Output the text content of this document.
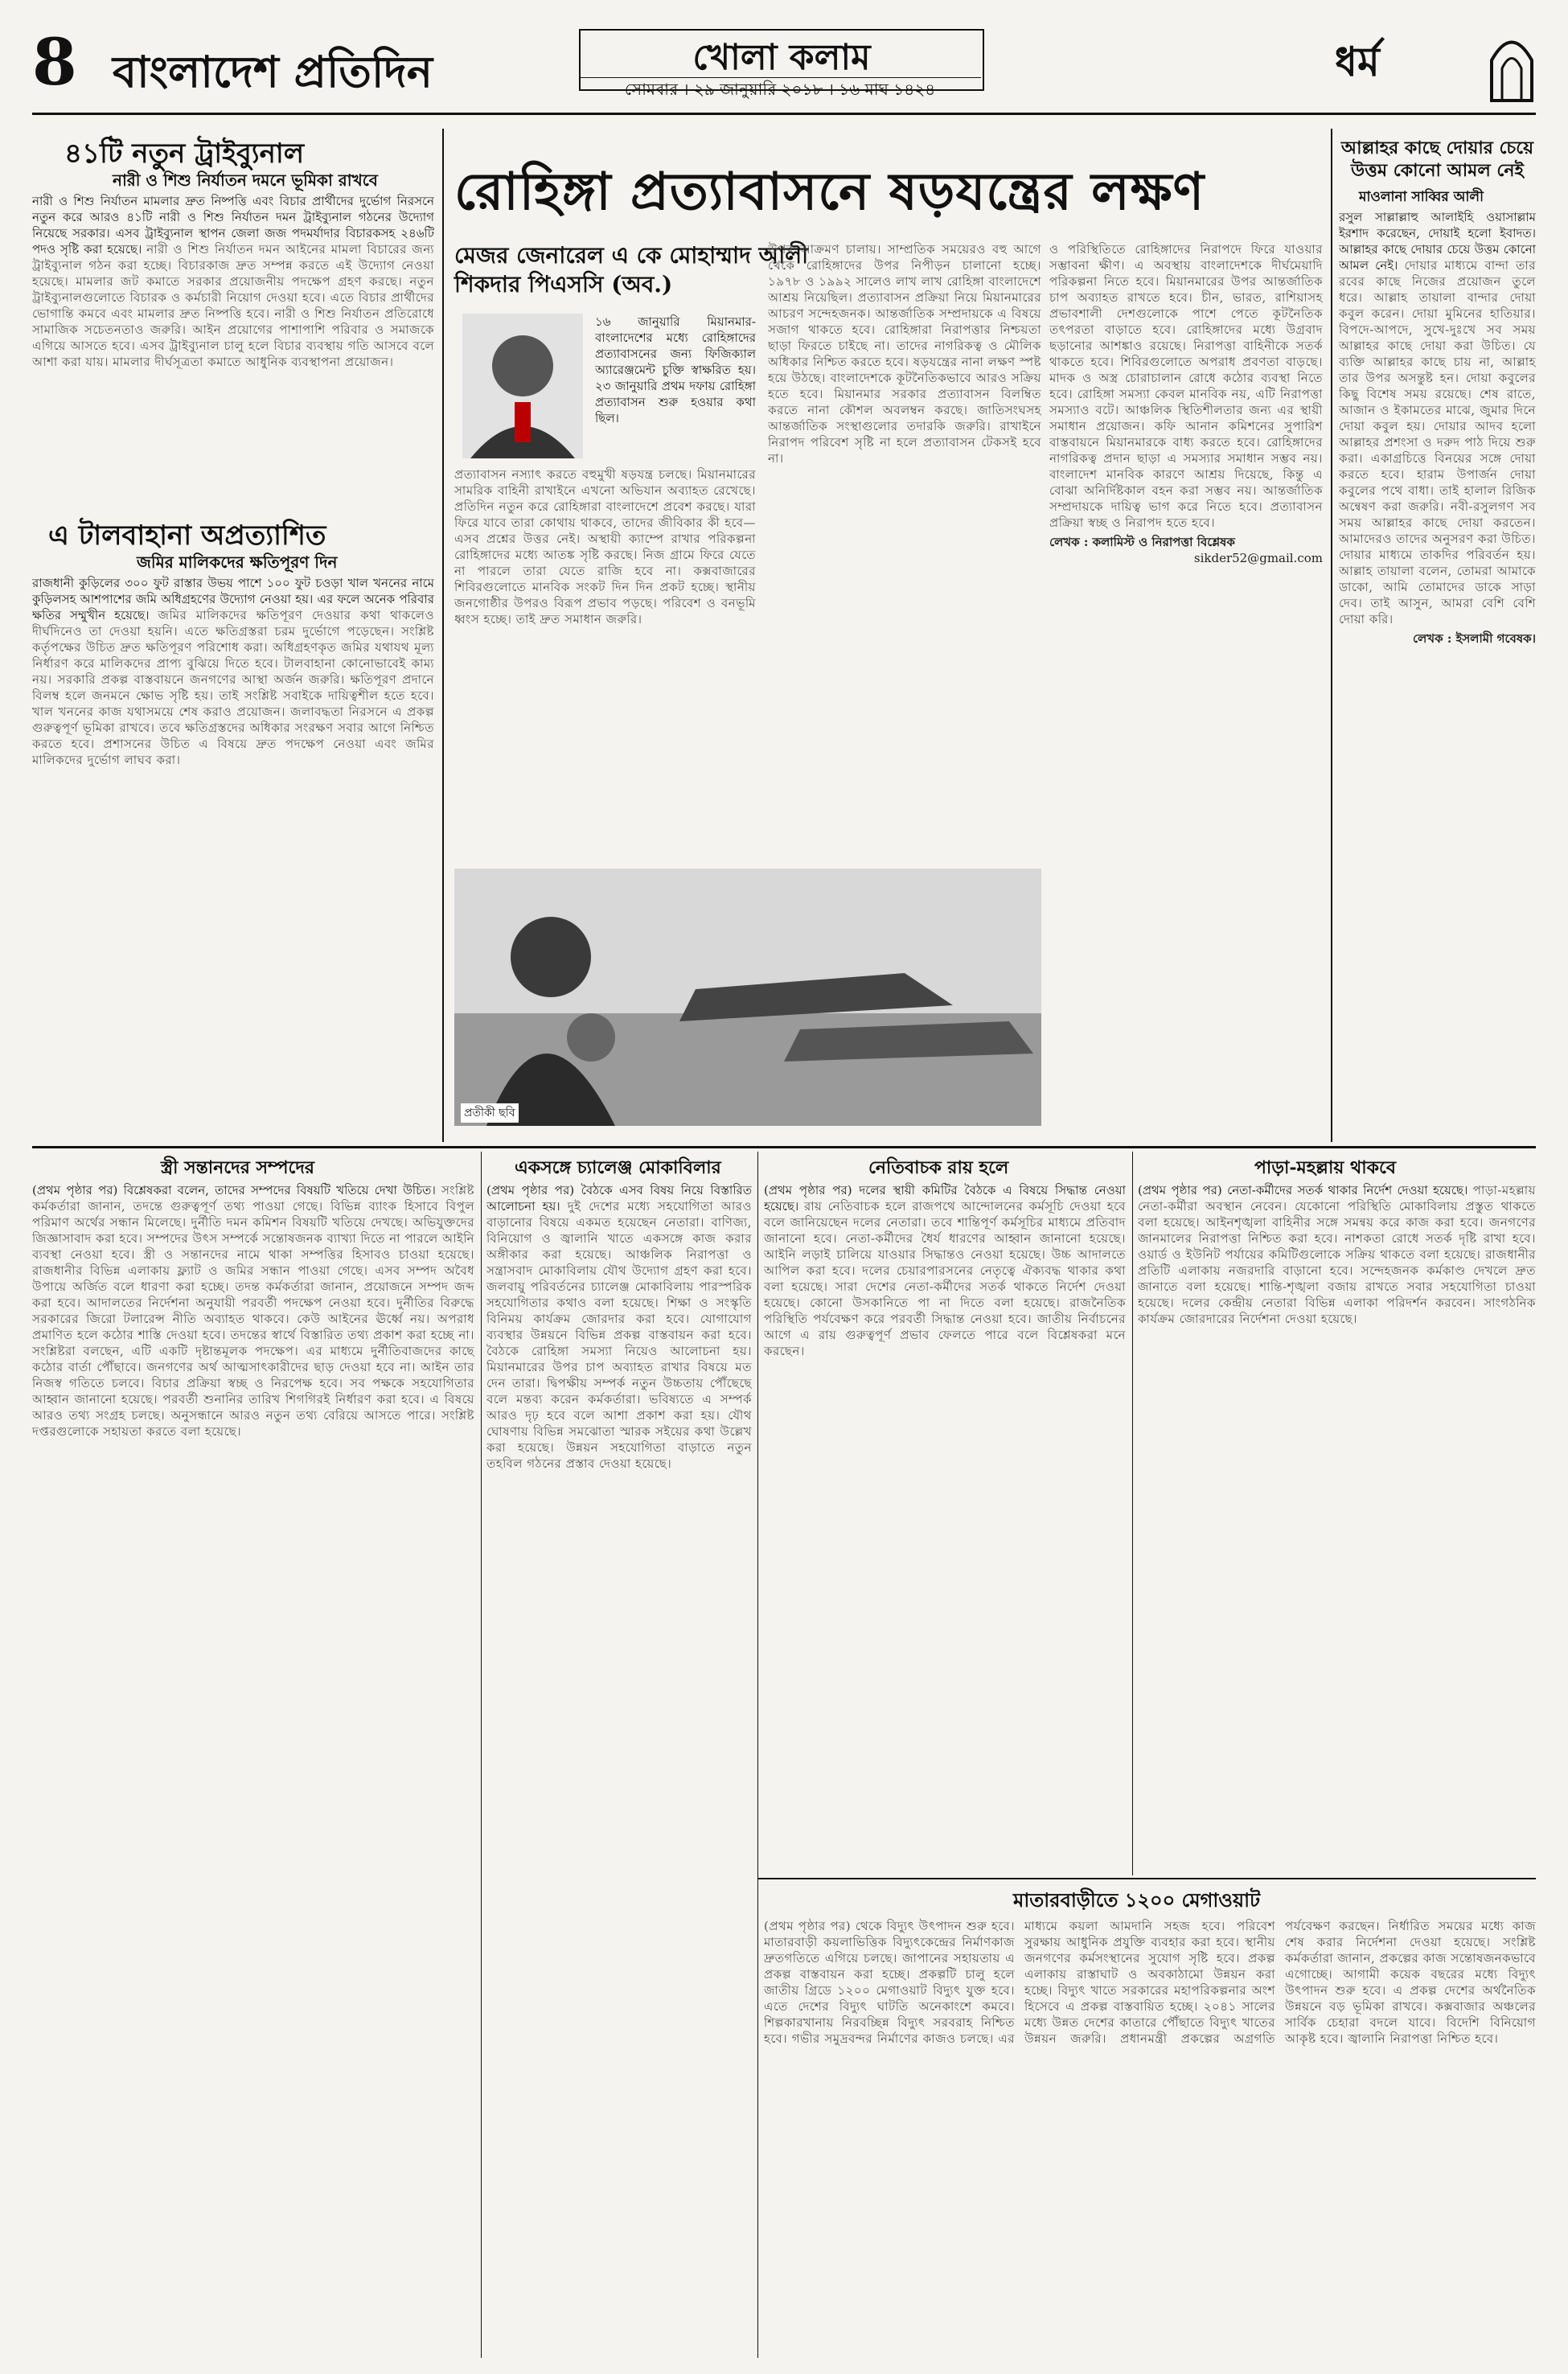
8 বাংলাদেশ প্রতিদিন	খোলা কলাম
সোমবার । ২৯ জানুয়ারি ২০১৮ । ১৬ মাঘ ১৪২৪
ধর্ম
৪১টি নতুন ট্রাইব্যুনাল
নারী ও শিশু নির্যাতন দমনে ভূমিকা রাখবে
নারী ও শিশু নির্যাতন মামলার দ্রুত নিষ্পত্তি এবং বিচার প্রার্থীদের দুর্ভোগ নিরসনে নতুন করে আরও ৪১টি নারী ও শিশু নির্যাতন দমন ট্রাইব্যুনাল গঠনের উদ্যোগ নিয়েছে সরকার। এসব ট্রাইব্যুনাল স্থাপন জেলা জজ পদমর্যাদার বিচারকসহ ২৪৬টি পদও সৃষ্টি করা হয়েছে। নারী ও শিশু নির্যাতন দমন আইনের মামলা বিচারের জন্য ট্রাইব্যুনাল গঠন করা হচ্ছে। বিচারকাজ দ্রুত সম্পন্ন করতে এই উদ্যোগ নেওয়া হয়েছে। মামলার জট কমাতে সরকার প্রয়োজনীয় পদক্ষেপ গ্রহণ করছে। নতুন ট্রাইব্যুনালগুলোতে বিচারক ও কর্মচারী নিয়োগ দেওয়া হবে। এতে বিচার প্রার্থীদের ভোগান্তি কমবে এবং মামলার দ্রুত নিষ্পত্তি হবে। নারী ও শিশু নির্যাতন প্রতিরোধে সামাজিক সচেতনতাও জরুরি। আইন প্রয়োগের পাশাপাশি পরিবার ও সমাজকে এগিয়ে আসতে হবে। এসব ট্রাইব্যুনাল চালু হলে বিচার ব্যবস্থায় গতি আসবে বলে আশা করা যায়। মামলার দীর্ঘসূত্রতা কমাতে আধুনিক ব্যবস্থাপনা প্রয়োজন।
এ টালবাহানা অপ্রত্যাশিত
জমির মালিকদের ক্ষতিপূরণ দিন
রাজধানী কুড়িলের ৩০০ ফুট রাস্তার উভয় পাশে ১০০ ফুট চওড়া খাল খননের নামে কুড়িলসহ আশপাশের জমি অধিগ্রহণের উদ্যোগ নেওয়া হয়। এর ফলে অনেক পরিবার ক্ষতির সম্মুখীন হয়েছে। জমির মালিকদের ক্ষতিপূরণ দেওয়ার কথা থাকলেও দীর্ঘদিনেও তা দেওয়া হয়নি। এতে ক্ষতিগ্রস্তরা চরম দুর্ভোগে পড়েছেন। সংশ্লিষ্ট কর্তৃপক্ষের উচিত দ্রুত ক্ষতিপূরণ পরিশোধ করা। অধিগ্রহণকৃত জমির যথাযথ মূল্য নির্ধারণ করে মালিকদের প্রাপ্য বুঝিয়ে দিতে হবে। টালবাহানা কোনোভাবেই কাম্য নয়। সরকারি প্রকল্প বাস্তবায়নে জনগণের আস্থা অর্জন জরুরি। ক্ষতিপূরণ প্রদানে বিলম্ব হলে জনমনে ক্ষোভ সৃষ্টি হয়। তাই সংশ্লিষ্ট সবাইকে দায়িত্বশীল হতে হবে। খাল খননের কাজ যথাসময়ে শেষ করাও প্রয়োজন। জলাবদ্ধতা নিরসনে এ প্রকল্প গুরুত্বপূর্ণ ভূমিকা রাখবে। তবে ক্ষতিগ্রস্তদের অধিকার সংরক্ষণ সবার আগে নিশ্চিত করতে হবে। প্রশাসনের উচিত এ বিষয়ে দ্রুত পদক্ষেপ নেওয়া এবং জমির মালিকদের দুর্ভোগ লাঘব করা।
রোহিঙ্গা প্রত্যাবাসনে ষড়যন্ত্রের লক্ষণ
মেজর জেনারেল এ কে মোহাম্মাদ আলী শিকদার পিএসসি (অব.)
১৬ জানুয়ারি মিয়ানমার-বাংলাদেশের মধ্যে রোহিঙ্গাদের প্রত্যাবাসনের জন্য ফিজিক্যাল অ্যারেঞ্জমেন্ট চুক্তি স্বাক্ষরিত হয়। ২৩ জানুয়ারি প্রথম দফায় রোহিঙ্গা প্রত্যাবাসন শুরু হওয়ার কথা ছিল।
উপর আক্রমণ চালায়। সাম্প্রতিক সময়েরও বহু আগে থেকে রোহিঙ্গাদের উপর নিপীড়ন চালানো হচ্ছে। ১৯৭৮ ও ১৯৯২ সালেও লাখ লাখ রোহিঙ্গা বাংলাদেশে আশ্রয় নিয়েছিল। প্রত্যাবাসন প্রক্রিয়া নিয়ে মিয়ানমারের আচরণ সন্দেহজনক। আন্তর্জাতিক সম্প্রদায়কে এ বিষয়ে সজাগ থাকতে হবে। রোহিঙ্গারা নিরাপত্তার নিশ্চয়তা ছাড়া ফিরতে চাইছে না। তাদের নাগরিকত্ব ও মৌলিক অধিকার নিশ্চিত করতে হবে। ষড়যন্ত্রের নানা লক্ষণ স্পষ্ট হয়ে উঠছে। বাংলাদেশকে কূটনৈতিকভাবে আরও সক্রিয় হতে হবে। মিয়ানমার সরকার প্রত্যাবাসন বিলম্বিত করতে নানা কৌশল অবলম্বন করছে। জাতিসংঘসহ আন্তর্জাতিক সংস্থাগুলোর তদারকি জরুরি। রাখাইনে নিরাপদ পরিবেশ সৃষ্টি না হলে প্রত্যাবাসন টেকসই হবে না।
প্রত্যাবাসন নস্যাৎ করতে বহুমুখী ষড়যন্ত্র চলছে। মিয়ানমারের সামরিক বাহিনী রাখাইনে এখনো অভিযান অব্যাহত রেখেছে। প্রতিদিন নতুন করে রোহিঙ্গারা বাংলাদেশে প্রবেশ করছে। যারা ফিরে যাবে তারা কোথায় থাকবে, তাদের জীবিকার কী হবে—এসব প্রশ্নের উত্তর নেই। অস্থায়ী ক্যাম্পে রাখার পরিকল্পনা রোহিঙ্গাদের মধ্যে আতঙ্ক সৃষ্টি করছে। নিজ গ্রামে ফিরে যেতে না পারলে তারা যেতে রাজি হবে না। কক্সবাজারের শিবিরগুলোতে মানবিক সংকট দিন দিন প্রকট হচ্ছে। স্থানীয় জনগোষ্ঠীর উপরও বিরূপ প্রভাব পড়ছে। পরিবেশ ও বনভূমি ধ্বংস হচ্ছে। তাই দ্রুত সমাধান জরুরি।
প্রতীকী ছবি
ও পরিস্থিতিতে রোহিঙ্গাদের নিরাপদে ফিরে যাওয়ার সম্ভাবনা ক্ষীণ। এ অবস্থায় বাংলাদেশকে দীর্ঘমেয়াদি পরিকল্পনা নিতে হবে। মিয়ানমারের উপর আন্তর্জাতিক চাপ অব্যাহত রাখতে হবে। চীন, ভারত, রাশিয়াসহ প্রভাবশালী দেশগুলোকে পাশে পেতে কূটনৈতিক তৎপরতা বাড়াতে হবে। রোহিঙ্গাদের মধ্যে উগ্রবাদ ছড়ানোর আশঙ্কাও রয়েছে। নিরাপত্তা বাহিনীকে সতর্ক থাকতে হবে। শিবিরগুলোতে অপরাধ প্রবণতা বাড়ছে। মাদক ও অস্ত্র চোরাচালান রোধে কঠোর ব্যবস্থা নিতে হবে। রোহিঙ্গা সমস্যা কেবল মানবিক নয়, এটি নিরাপত্তা সমস্যাও বটে। আঞ্চলিক স্থিতিশীলতার জন্য এর স্থায়ী সমাধান প্রয়োজন। কফি আনান কমিশনের সুপারিশ বাস্তবায়নে মিয়ানমারকে বাধ্য করতে হবে। রোহিঙ্গাদের নাগরিকত্ব প্রদান ছাড়া এ সমস্যার সমাধান সম্ভব নয়। বাংলাদেশ মানবিক কারণে আশ্রয় দিয়েছে, কিন্তু এ বোঝা অনির্দিষ্টকাল বহন করা সম্ভব নয়। আন্তর্জাতিক সম্প্রদায়কে দায়িত্ব ভাগ করে নিতে হবে। প্রত্যাবাসন প্রক্রিয়া স্বচ্ছ ও নিরাপদ হতে হবে।
লেখক : কলামিস্ট ও নিরাপত্তা বিশ্লেষক
sikder52@gmail.com
আল্লাহর কাছে দোয়ার চেয়ে উত্তম কোনো আমল নেই
মাওলানা সাব্বির আলী
রসুল সাল্লাল্লাহু আলাইহি ওয়াসাল্লাম ইরশাদ করেছেন, দোয়াই হলো ইবাদত। আল্লাহর কাছে দোয়ার চেয়ে উত্তম কোনো আমল নেই। দোয়ার মাধ্যমে বান্দা তার রবের কাছে নিজের প্রয়োজন তুলে ধরে। আল্লাহ তায়ালা বান্দার দোয়া কবুল করেন। দোয়া মুমিনের হাতিয়ার। বিপদে-আপদে, সুখে-দুঃখে সব সময় আল্লাহর কাছে দোয়া করা উচিত। যে ব্যক্তি আল্লাহর কাছে চায় না, আল্লাহ তার উপর অসন্তুষ্ট হন। দোয়া কবুলের কিছু বিশেষ সময় রয়েছে। শেষ রাতে, আজান ও ইকামতের মাঝে, জুমার দিনে দোয়া কবুল হয়। দোয়ার আদব হলো আল্লাহর প্রশংসা ও দরুদ পাঠ দিয়ে শুরু করা। একাগ্রচিত্তে বিনয়ের সঙ্গে দোয়া করতে হবে। হারাম উপার্জন দোয়া কবুলের পথে বাধা। তাই হালাল রিজিক অন্বেষণ করা জরুরি। নবী-রসুলগণ সব সময় আল্লাহর কাছে দোয়া করতেন। আমাদেরও তাদের অনুসরণ করা উচিত। দোয়ার মাধ্যমে তাকদির পরিবর্তন হয়। আল্লাহ তায়ালা বলেন, তোমরা আমাকে ডাকো, আমি তোমাদের ডাকে সাড়া দেব। তাই আসুন, আমরা বেশি বেশি দোয়া করি।
লেখক : ইসলামী গবেষক।
স্ত্রী সন্তানদের সম্পদের
(প্রথম পৃষ্ঠার পর) বিশ্লেষকরা বলেন, তাদের সম্পদের বিষয়টি খতিয়ে দেখা উচিত। সংশ্লিষ্ট কর্মকর্তারা জানান, তদন্তে গুরুত্বপূর্ণ তথ্য পাওয়া গেছে। বিভিন্ন ব্যাংক হিসাবে বিপুল পরিমাণ অর্থের সন্ধান মিলেছে। দুর্নীতি দমন কমিশন বিষয়টি খতিয়ে দেখছে। অভিযুক্তদের জিজ্ঞাসাবাদ করা হবে। সম্পদের উৎস সম্পর্কে সন্তোষজনক ব্যাখ্যা দিতে না পারলে আইনি ব্যবস্থা নেওয়া হবে। স্ত্রী ও সন্তানদের নামে থাকা সম্পত্তির হিসাবও চাওয়া হয়েছে। রাজধানীর বিভিন্ন এলাকায় ফ্ল্যাট ও জমির সন্ধান পাওয়া গেছে। এসব সম্পদ অবৈধ উপায়ে অর্জিত বলে ধারণা করা হচ্ছে। তদন্ত কর্মকর্তারা জানান, প্রয়োজনে সম্পদ জব্দ করা হবে। আদালতের নির্দেশনা অনুযায়ী পরবর্তী পদক্ষেপ নেওয়া হবে। দুর্নীতির বিরুদ্ধে সরকারের জিরো টলারেন্স নীতি অব্যাহত থাকবে। কেউ আইনের ঊর্ধ্বে নয়। অপরাধ প্রমাণিত হলে কঠোর শাস্তি দেওয়া হবে। তদন্তের স্বার্থে বিস্তারিত তথ্য প্রকাশ করা হচ্ছে না। সংশ্লিষ্টরা বলছেন, এটি একটি দৃষ্টান্তমূলক পদক্ষেপ। এর মাধ্যমে দুর্নীতিবাজদের কাছে কঠোর বার্তা পৌঁছাবে। জনগণের অর্থ আত্মসাৎকারীদের ছাড় দেওয়া হবে না। আইন তার নিজস্ব গতিতে চলবে। বিচার প্রক্রিয়া স্বচ্ছ ও নিরপেক্ষ হবে। সব পক্ষকে সহযোগিতার আহ্বান জানানো হয়েছে। পরবর্তী শুনানির তারিখ শিগগিরই নির্ধারণ করা হবে। এ বিষয়ে আরও তথ্য সংগ্রহ চলছে। অনুসন্ধানে আরও নতুন তথ্য বেরিয়ে আসতে পারে। সংশ্লিষ্ট দপ্তরগুলোকে সহায়তা করতে বলা হয়েছে।
একসঙ্গে চ্যালেঞ্জ মোকাবিলার
(প্রথম পৃষ্ঠার পর) বৈঠকে এসব বিষয় নিয়ে বিস্তারিত আলোচনা হয়। দুই দেশের মধ্যে সহযোগিতা আরও বাড়ানোর বিষয়ে একমত হয়েছেন নেতারা। বাণিজ্য, বিনিয়োগ ও জ্বালানি খাতে একসঙ্গে কাজ করার অঙ্গীকার করা হয়েছে। আঞ্চলিক নিরাপত্তা ও সন্ত্রাসবাদ মোকাবিলায় যৌথ উদ্যোগ গ্রহণ করা হবে। জলবায়ু পরিবর্তনের চ্যালেঞ্জ মোকাবিলায় পারস্পরিক সহযোগিতার কথাও বলা হয়েছে। শিক্ষা ও সংস্কৃতি বিনিময় কার্যক্রম জোরদার করা হবে। যোগাযোগ ব্যবস্থার উন্নয়নে বিভিন্ন প্রকল্প বাস্তবায়ন করা হবে। বৈঠকে রোহিঙ্গা সমস্যা নিয়েও আলোচনা হয়। মিয়ানমারের উপর চাপ অব্যাহত রাখার বিষয়ে মত দেন তারা। দ্বিপক্ষীয় সম্পর্ক নতুন উচ্চতায় পৌঁছেছে বলে মন্তব্য করেন কর্মকর্তারা। ভবিষ্যতে এ সম্পর্ক আরও দৃঢ় হবে বলে আশা প্রকাশ করা হয়। যৌথ ঘোষণায় বিভিন্ন সমঝোতা স্মারক সইয়ের কথা উল্লেখ করা হয়েছে। উন্নয়ন সহযোগিতা বাড়াতে নতুন তহবিল গঠনের প্রস্তাব দেওয়া হয়েছে।
নেতিবাচক রায় হলে
(প্রথম পৃষ্ঠার পর) দলের স্থায়ী কমিটির বৈঠকে এ বিষয়ে সিদ্ধান্ত নেওয়া হয়েছে। রায় নেতিবাচক হলে রাজপথে আন্দোলনের কর্মসূচি দেওয়া হবে বলে জানিয়েছেন দলের নেতারা। তবে শান্তিপূর্ণ কর্মসূচির মাধ্যমে প্রতিবাদ জানানো হবে। নেতা-কর্মীদের ধৈর্য ধারণের আহ্বান জানানো হয়েছে। আইনি লড়াই চালিয়ে যাওয়ার সিদ্ধান্তও নেওয়া হয়েছে। উচ্চ আদালতে আপিল করা হবে। দলের চেয়ারপারসনের নেতৃত্বে ঐক্যবদ্ধ থাকার কথা বলা হয়েছে। সারা দেশের নেতা-কর্মীদের সতর্ক থাকতে নির্দেশ দেওয়া হয়েছে। কোনো উসকানিতে পা না দিতে বলা হয়েছে। রাজনৈতিক পরিস্থিতি পর্যবেক্ষণ করে পরবর্তী সিদ্ধান্ত নেওয়া হবে। জাতীয় নির্বাচনের আগে এ রায় গুরুত্বপূর্ণ প্রভাব ফেলতে পারে বলে বিশ্লেষকরা মনে করছেন।
পাড়া-মহল্লায় থাকবে
(প্রথম পৃষ্ঠার পর) নেতা-কর্মীদের সতর্ক থাকার নির্দেশ দেওয়া হয়েছে। পাড়া-মহল্লায় নেতা-কর্মীরা অবস্থান নেবেন। যেকোনো পরিস্থিতি মোকাবিলায় প্রস্তুত থাকতে বলা হয়েছে। আইনশৃঙ্খলা বাহিনীর সঙ্গে সমন্বয় করে কাজ করা হবে। জনগণের জানমালের নিরাপত্তা নিশ্চিত করা হবে। নাশকতা রোধে সতর্ক দৃষ্টি রাখা হবে। ওয়ার্ড ও ইউনিট পর্যায়ের কমিটিগুলোকে সক্রিয় থাকতে বলা হয়েছে। রাজধানীর প্রতিটি এলাকায় নজরদারি বাড়ানো হবে। সন্দেহজনক কর্মকাণ্ড দেখলে দ্রুত জানাতে বলা হয়েছে। শান্তি-শৃঙ্খলা বজায় রাখতে সবার সহযোগিতা চাওয়া হয়েছে। দলের কেন্দ্রীয় নেতারা বিভিন্ন এলাকা পরিদর্শন করবেন। সাংগঠনিক কার্যক্রম জোরদারের নির্দেশনা দেওয়া হয়েছে।
মাতারবাড়ীতে ১২০০ মেগাওয়াট
(প্রথম পৃষ্ঠার পর) থেকে বিদ্যুৎ উৎপাদন শুরু হবে। মাতারবাড়ী কয়লাভিত্তিক বিদ্যুৎকেন্দ্রের নির্মাণকাজ দ্রুতগতিতে এগিয়ে চলছে। জাপানের সহায়তায় এ প্রকল্প বাস্তবায়ন করা হচ্ছে। প্রকল্পটি চালু হলে জাতীয় গ্রিডে ১২০০ মেগাওয়াট বিদ্যুৎ যুক্ত হবে। এতে দেশের বিদ্যুৎ ঘাটতি অনেকাংশে কমবে। শিল্পকারখানায় নিরবচ্ছিন্ন বিদ্যুৎ সরবরাহ নিশ্চিত হবে। গভীর সমুদ্রবন্দর নির্মাণের কাজও চলছে। এর মাধ্যমে কয়লা আমদানি সহজ হবে। পরিবেশ সুরক্ষায় আধুনিক প্রযুক্তি ব্যবহার করা হবে। স্থানীয় জনগণের কর্মসংস্থানের সুযোগ সৃষ্টি হবে। প্রকল্প এলাকায় রাস্তাঘাট ও অবকাঠামো উন্নয়ন করা হচ্ছে। বিদ্যুৎ খাতে সরকারের মহাপরিকল্পনার অংশ হিসেবে এ প্রকল্প বাস্তবায়িত হচ্ছে। ২০৪১ সালের মধ্যে উন্নত দেশের কাতারে পৌঁছাতে বিদ্যুৎ খাতের উন্নয়ন জরুরি। প্রধানমন্ত্রী প্রকল্পের অগ্রগতি পর্যবেক্ষণ করছেন। নির্ধারিত সময়ের মধ্যে কাজ শেষ করার নির্দেশনা দেওয়া হয়েছে। সংশ্লিষ্ট কর্মকর্তারা জানান, প্রকল্পের কাজ সন্তোষজনকভাবে এগোচ্ছে। আগামী কয়েক বছরের মধ্যে বিদ্যুৎ উৎপাদন শুরু হবে। এ প্রকল্প দেশের অর্থনৈতিক উন্নয়নে বড় ভূমিকা রাখবে। কক্সবাজার অঞ্চলের সার্বিক চেহারা বদলে যাবে। বিদেশি বিনিয়োগ আকৃষ্ট হবে। জ্বালানি নিরাপত্তা নিশ্চিত হবে।
